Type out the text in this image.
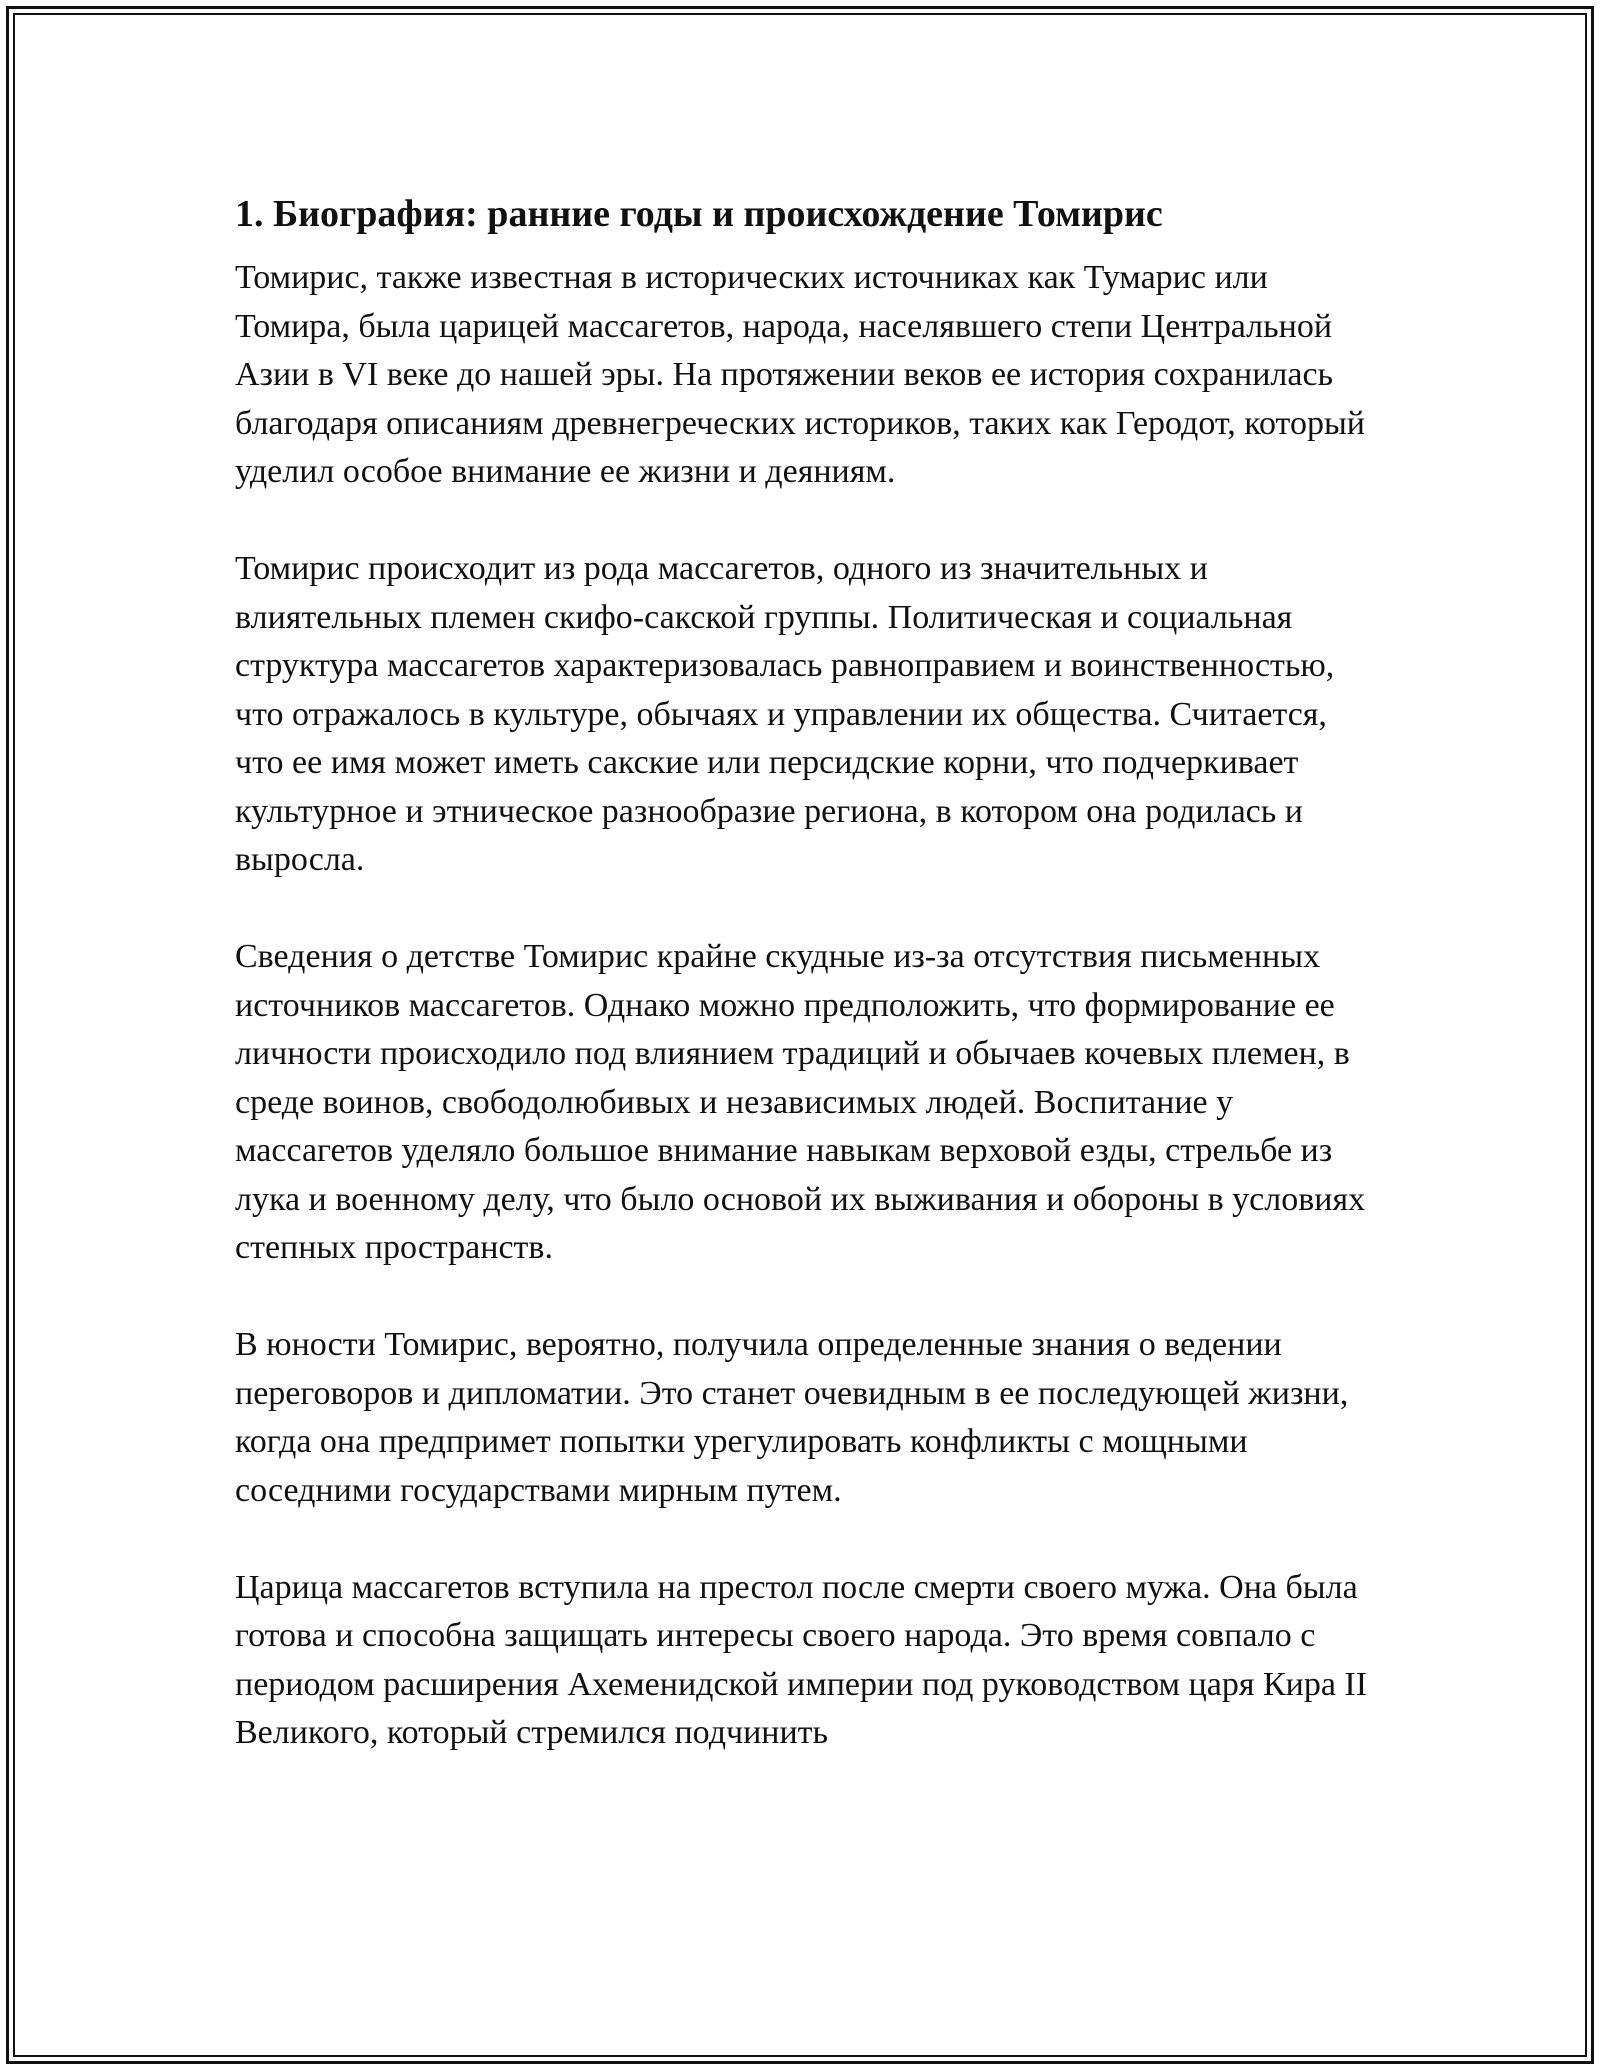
1. Биография: ранние годы и происхождение Томирис

Томирис, также известная в исторических источниках как Тумарис или Томира, была царицей массагетов, народа, населявшего степи Центральной Азии в VI веке до нашей эры. На протяжении веков ее история сохранилась благодаря описаниям древнегреческих историков, таких как Геродот, который уделил особое внимание ее жизни и деяниям.

Томирис происходит из рода массагетов, одного из значительных и влиятельных племен скифо-сакской группы. Политическая и социальная структура массагетов характеризовалась равноправием и воинственностью, что отражалось в культуре, обычаях и управлении их общества. Считается, что ее имя может иметь сакские или персидские корни, что подчеркивает культурное и этническое разнообразие региона, в котором она родилась и выросла.

Сведения о детстве Томирис крайне скудные из-за отсутствия письменных источников массагетов. Однако можно предположить, что формирование ее личности происходило под влиянием традиций и обычаев кочевых племен, в среде воинов, свободолюбивых и независимых людей. Воспитание у массагетов уделяло большое внимание навыкам верховой езды, стрельбе из лука и военному делу, что было основой их выживания и обороны в условиях степных пространств.

В юности Томирис, вероятно, получила определенные знания о ведении переговоров и дипломатии. Это станет очевидным в ее последующей жизни, когда она предпримет попытки урегулировать конфликты с мощными соседними государствами мирным путем.

Царица массагетов вступила на престол после смерти своего мужа. Она была готова и способна защищать интересы своего народа. Это время совпало с периодом расширения Ахеменидской империи под руководством царя Кира II Великого, который стремился подчинить
